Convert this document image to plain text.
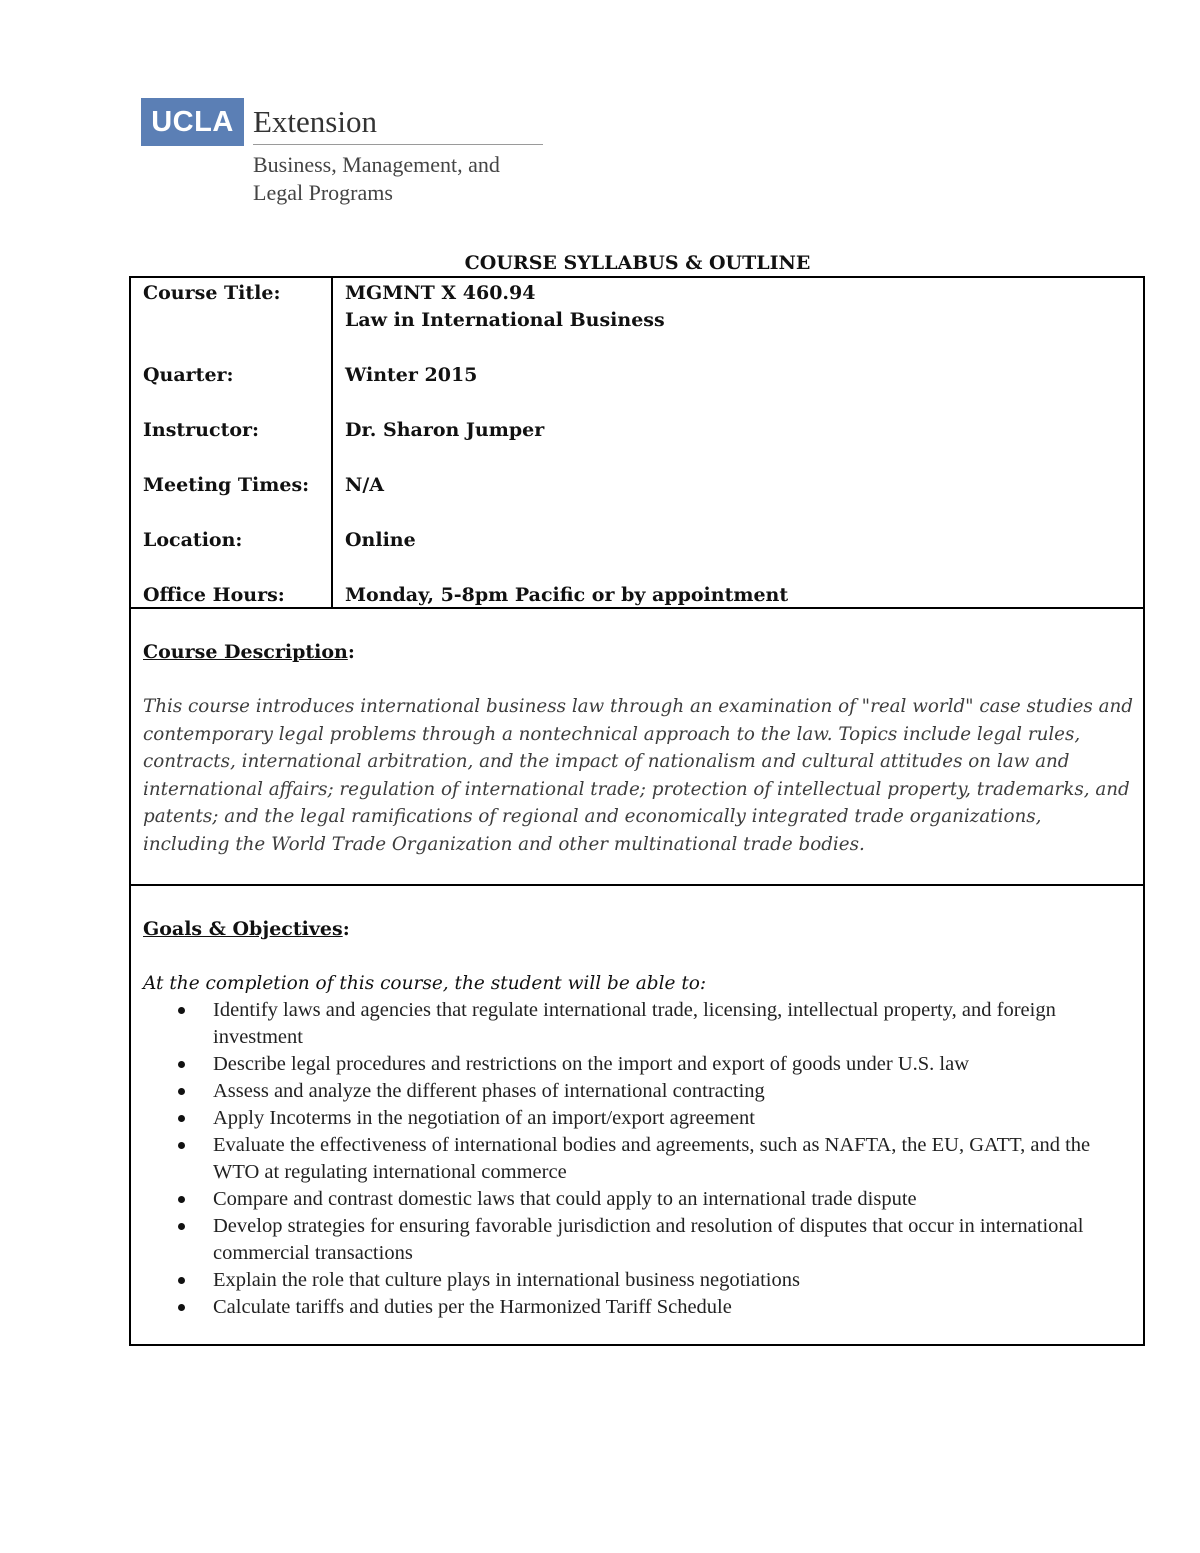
UCLA Extension
Business, Management, and
Legal Programs
COURSE SYLLABUS & OUTLINE
Course Title:	MGMNT X 460.94
Law in International Business
Quarter:	Winter 2015
Instructor:	Dr. Sharon Jumper
Meeting Times: N/A
Location:	Online
Office Hours:	Monday, 5-8pm Pacific or by appointment
Course Description:
This course introduces international business law through an examination of "real world" case studies and contemporary legal problems through a nontechnical approach to the law. Topics include legal rules, contracts, international arbitration, and the impact of nationalism and cultural attitudes on law and international affairs; regulation of international trade; protection of intellectual property, trademarks, and patents; and the legal ramifications of regional and economically integrated trade organizations, including the World Trade Organization and other multinational trade bodies.
Goals & Objectives:
At the completion of this course, the student will be able to:
Identify laws and agencies that regulate international trade, licensing, intellectual property, and foreign investment
Describe legal procedures and restrictions on the import and export of goods under U.S. law
Assess and analyze the different phases of international contracting
Apply Incoterms in the negotiation of an import/export agreement
Evaluate the effectiveness of international bodies and agreements, such as NAFTA, the EU, GATT, and the WTO at regulating international commerce
Compare and contrast domestic laws that could apply to an international trade dispute
Develop strategies for ensuring favorable jurisdiction and resolution of disputes that occur in international commercial transactions
Explain the role that culture plays in international business negotiations
Calculate tariffs and duties per the Harmonized Tariff Schedule
